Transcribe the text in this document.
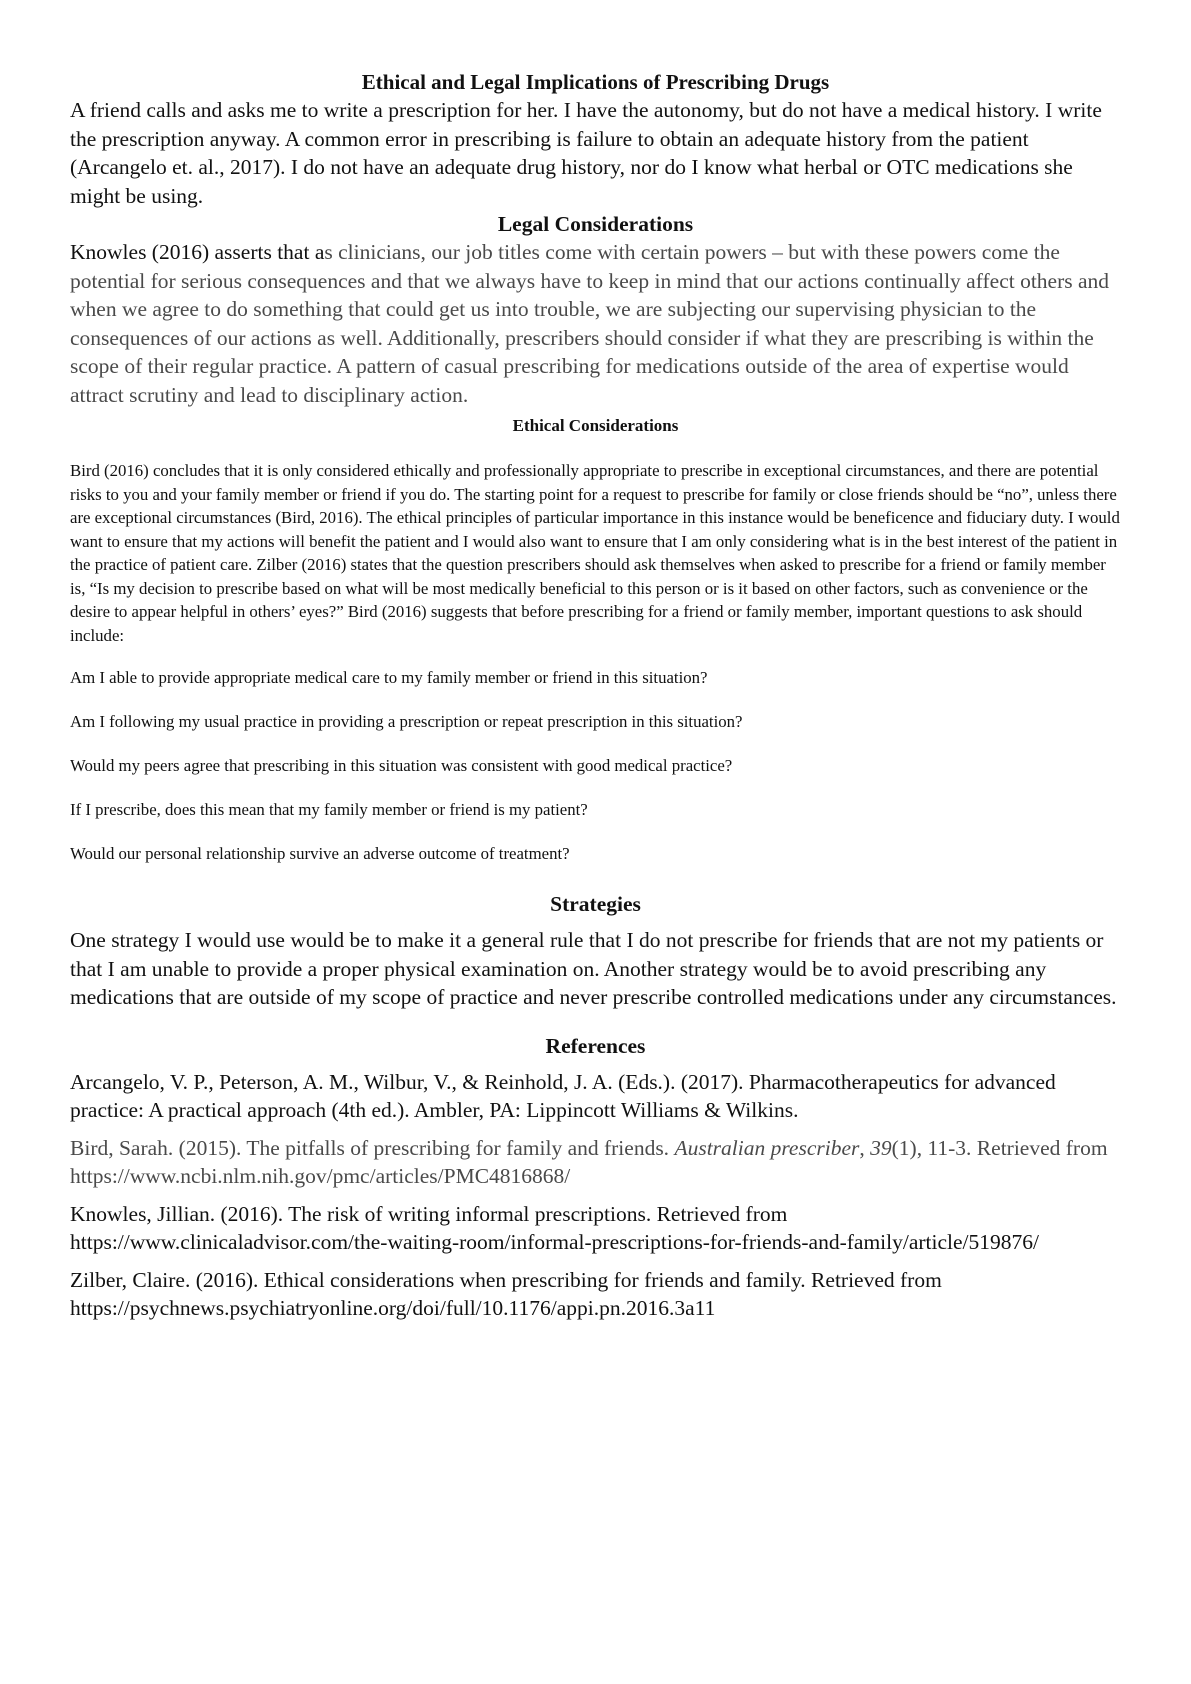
Ethical and Legal Implications of Prescribing Drugs

A friend calls and asks me to write a prescription for her. I have the autonomy, but do not have a medical history. I write the prescription anyway. A common error in prescribing is failure to obtain an adequate history from the patient (Arcangelo et. al., 2017). I do not have an adequate drug history, nor do I know what herbal or OTC medications she might be using.

Legal Considerations

Knowles (2016) asserts that as clinicians, our job titles come with certain powers – but with these powers come the potential for serious consequences and that we always have to keep in mind that our actions continually affect others and when we agree to do something that could get us into trouble, we are subjecting our supervising physician to the consequences of our actions as well. Additionally, prescribers should consider if what they are prescribing is within the scope of their regular practice. A pattern of casual prescribing for medications outside of the area of expertise would attract scrutiny and lead to disciplinary action.

Ethical Considerations

Bird (2016) concludes that it is only considered ethically and professionally appropriate to prescribe in exceptional circumstances, and there are potential risks to you and your family member or friend if you do. The starting point for a request to prescribe for family or close friends should be “no”, unless there are exceptional circumstances (Bird, 2016). The ethical principles of particular importance in this instance would be beneficence and fiduciary duty. I would want to ensure that my actions will benefit the patient and I would also want to ensure that I am only considering what is in the best interest of the patient in the practice of patient care. Zilber (2016) states that the question prescribers should ask themselves when asked to prescribe for a friend or family member is, “Is my decision to prescribe based on what will be most medically beneficial to this person or is it based on other factors, such as convenience or the desire to appear helpful in others’ eyes?” Bird (2016) suggests that before prescribing for a friend or family member, important questions to ask should include:

Am I able to provide appropriate medical care to my family member or friend in this situation?

Am I following my usual practice in providing a prescription or repeat prescription in this situation?

Would my peers agree that prescribing in this situation was consistent with good medical practice?

If I prescribe, does this mean that my family member or friend is my patient?

Would our personal relationship survive an adverse outcome of treatment?

Strategies

One strategy I would use would be to make it a general rule that I do not prescribe for friends that are not my patients or that I am unable to provide a proper physical examination on. Another strategy would be to avoid prescribing any medications that are outside of my scope of practice and never prescribe controlled medications under any circumstances.

References

Arcangelo, V. P., Peterson, A. M., Wilbur, V., & Reinhold, J. A. (Eds.). (2017). Pharmacotherapeutics for advanced practice: A practical approach (4th ed.). Ambler, PA: Lippincott Williams & Wilkins.

Bird, Sarah. (2015). The pitfalls of prescribing for family and friends. Australian prescriber, 39(1), 11-3. Retrieved from https://www.ncbi.nlm.nih.gov/pmc/articles/PMC4816868/

Knowles, Jillian. (2016). The risk of writing informal prescriptions. Retrieved from
https://www.clinicaladvisor.com/the-waiting-room/informal-prescriptions-for-friends-and-family/article/519876/

Zilber, Claire. (2016). Ethical considerations when prescribing for friends and family. Retrieved from
https://psychnews.psychiatryonline.org/doi/full/10.1176/appi.pn.2016.3a11
